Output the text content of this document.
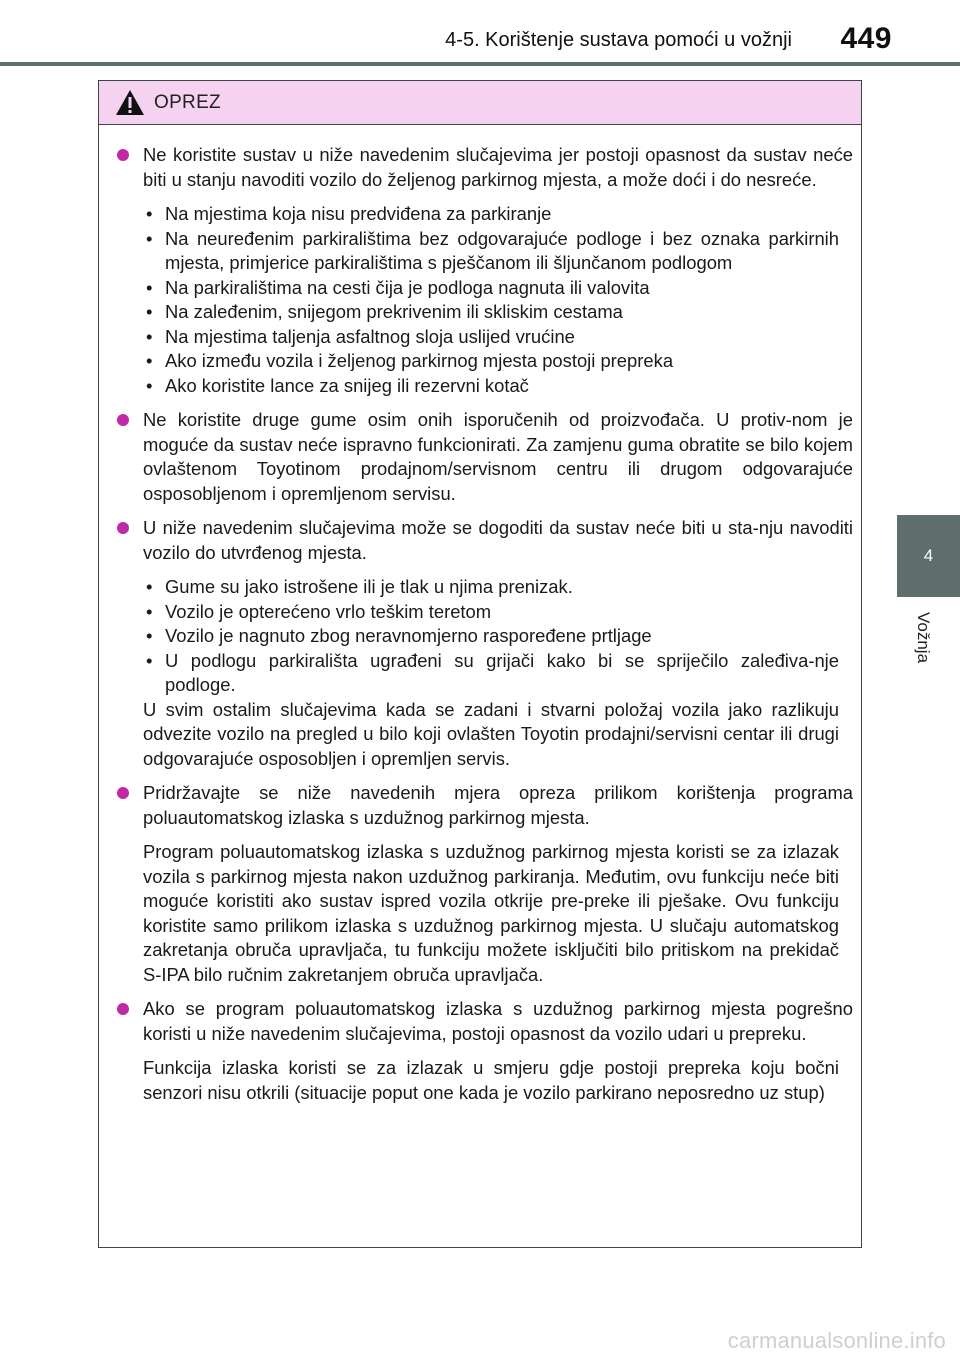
4-5. Korištenje sustava pomoći u vožnji 449
4
Vožnja
OPREZ
Ne koristite sustav u niže navedenim slučajevima jer postoji opasnost da sustav neće biti u stanju navoditi vozilo do željenog parkirnog mjesta, a može doći i do nesreće.
• Na mjestima koja nisu predviđena za parkiranje
• Na neuređenim parkiralištima bez odgovarajuće podloge i bez oznaka parkirnih mjesta, primjerice parkiralištima s pješčanom ili šljunčanom podlogom
• Na parkiralištima na cesti čija je podloga nagnuta ili valovita
• Na zaleđenim, snijegom prekrivenim ili skliskim cestama
• Na mjestima taljenja asfaltnog sloja uslijed vrućine
• Ako između vozila i željenog parkirnog mjesta postoji prepreka
• Ako koristite lance za snijeg ili rezervni kotač
Ne koristite druge gume osim onih isporučenih od proizvođača. U protiv-nom je moguće da sustav neće ispravno funkcionirati. Za zamjenu guma obratite se bilo kojem ovlaštenom Toyotinom prodajnom/servisnom centru ili drugom odgovarajuće osposobljenom i opremljenom servisu.
U niže navedenim slučajevima može se dogoditi da sustav neće biti u sta-nju navoditi vozilo do utvrđenog mjesta.
• Gume su jako istrošene ili je tlak u njima prenizak.
• Vozilo je opterećeno vrlo teškim teretom
• Vozilo je nagnuto zbog neravnomjerno raspoređene prtljage
• U podlogu parkirališta ugrađeni su grijači kako bi se spriječilo zaleđiva-nje podloge.

U svim ostalim slučajevima kada se zadani i stvarni položaj vozila jako razlikuju odvezite vozilo na pregled u bilo koji ovlašten Toyotin prodajni/servisni centar ili drugi odgovarajuće osposobljen i opremljen servis.

Pridržavajte se niže navedenih mjera opreza prilikom korištenja programa poluautomatskog izlaska s uzdužnog parkirnog mjesta.

Program poluautomatskog izlaska s uzdužnog parkirnog mjesta koristi se za izlazak vozila s parkirnog mjesta nakon uzdužnog parkiranja. Međutim, ovu funkciju neće biti moguće koristiti ako sustav ispred vozila otkrije pre-preke ili pješake. Ovu funkciju koristite samo prilikom izlaska s uzdužnog parkirnog mjesta. U slučaju automatskog zakretanja obruča upravljača, tu funkciju možete isključiti bilo pritiskom na prekidač S-IPA bilo ručnim zakretanjem obruča upravljača.

Ako se program poluautomatskog izlaska s uzdužnog parkirnog mjesta pogrešno koristi u niže navedenim slučajevima, postoji opasnost da vozilo udari u prepreku.

Funkcija izlaska koristi se za izlazak u smjeru gdje postoji prepreka koju bočni senzori nisu otkrili (situacije poput one kada je vozilo parkirano neposredno uz stup)

carmanualsonline.info
